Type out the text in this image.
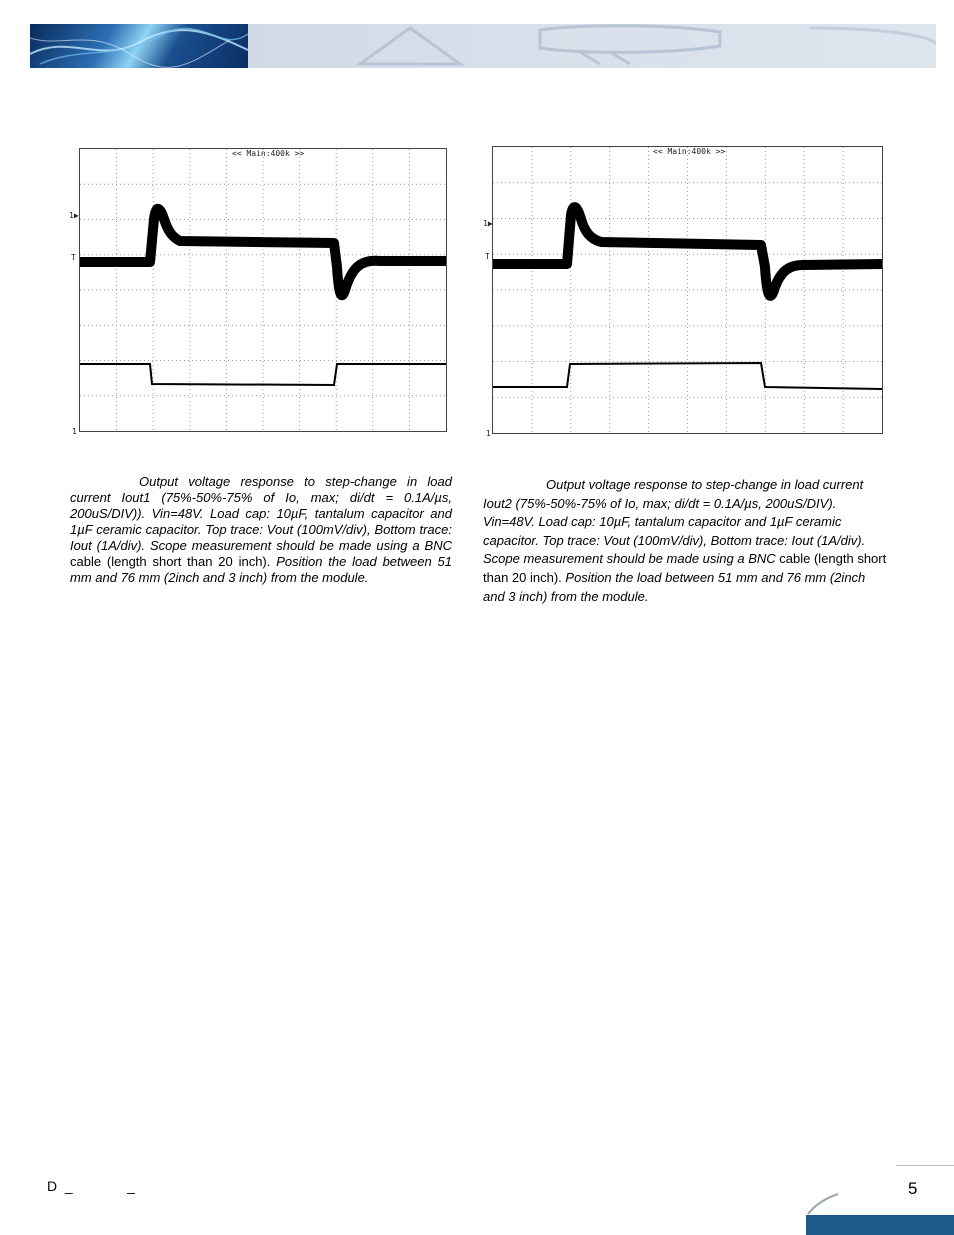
<< Main:400k >>
1▶
T
1
<< Main:400k >>
1▶
T
1

Output voltage response to step-change in load current Iout1 (75%-50%-75% of Io, max; di/dt = 0.1A/µs, 200uS/DIV)). Vin=48V. Load cap: 10µF, tantalum capacitor and 1µF ceramic capacitor. Top trace: Vout (100mV/div), Bottom trace: Iout (1A/div). Scope measurement should be made using a BNC cable (length short than 20 inch). Position the load between 51 mm and 76 mm (2inch and 3 inch) from the module.

Output voltage response to step-change in load current Iout2 (75%-50%-75% of Io, max; di/dt = 0.1A/µs, 200uS/DIV). Vin=48V. Load cap: 10µF, tantalum capacitor and 1µF ceramic capacitor. Top trace: Vout (100mV/div), Bottom trace: Iout (1A/div). Scope measurement should be made using a BNC cable (length short than 20 inch). Position the load between 51 mm and 76 mm (2inch and 3 inch) from the module.

D  _              _	5
